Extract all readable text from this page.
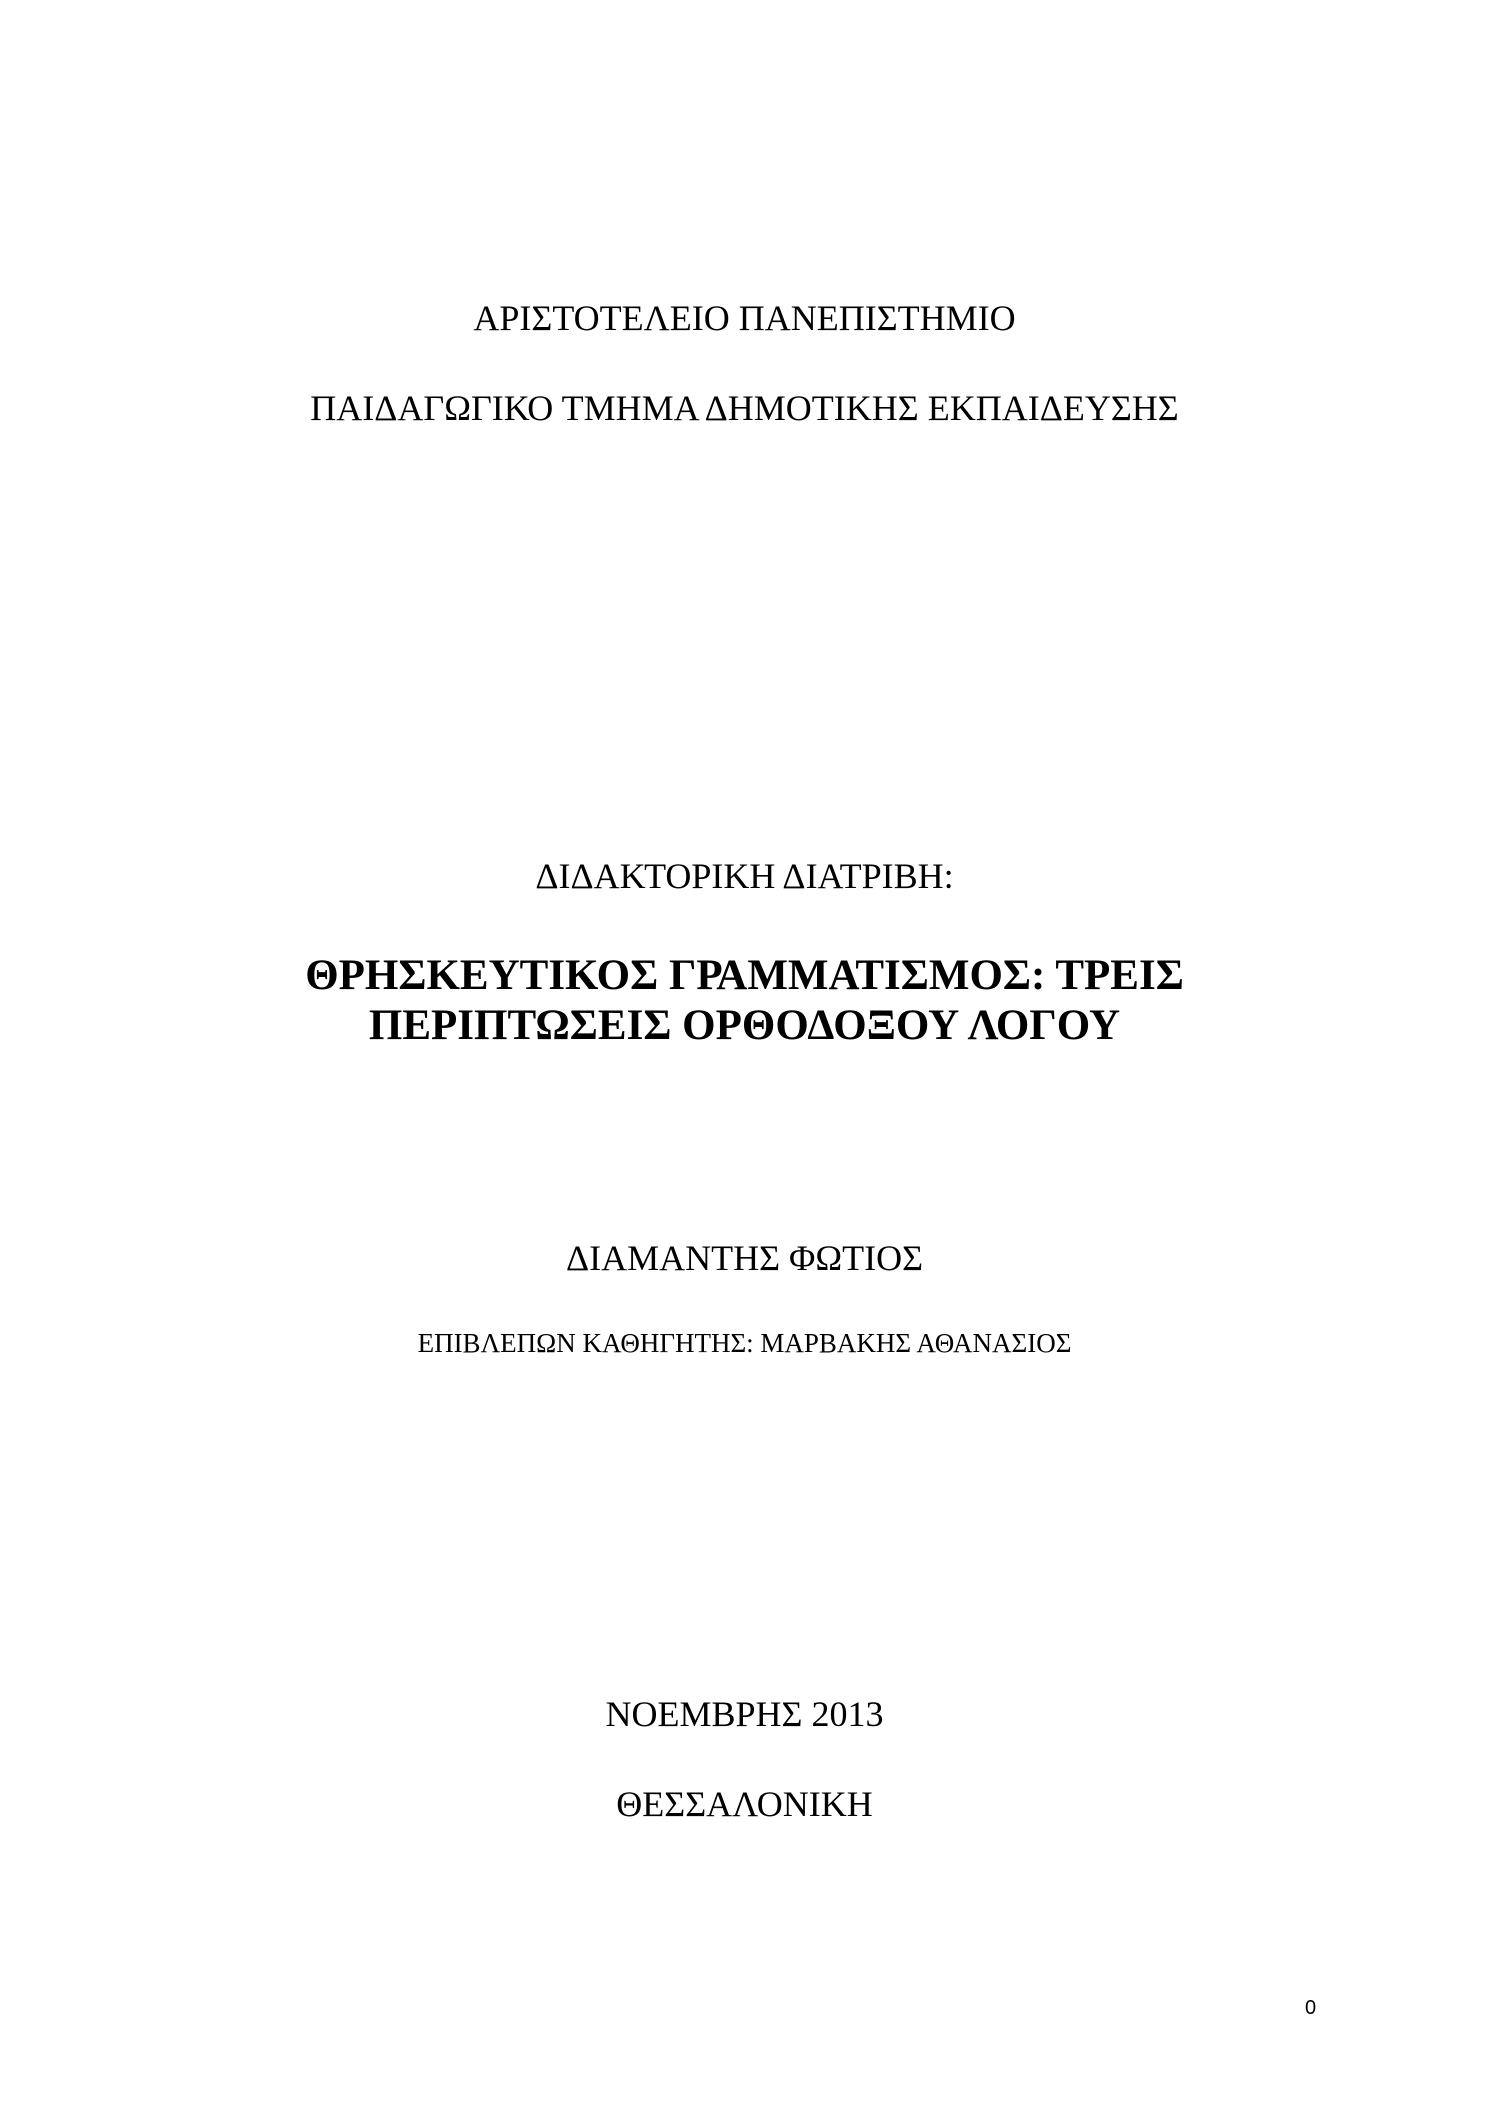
ΑΡΙΣΤΟΤΕΛΕΙΟ ΠΑΝΕΠΙΣΤΗΜΙΟ
ΠΑΙΔΑΓΩΓΙΚΟ ΤΜΗΜΑ ΔΗΜΟΤΙΚΗΣ ΕΚΠΑΙΔΕΥΣΗΣ
ΔΙΔΑΚΤΟΡΙΚΗ ΔΙΑΤΡΙΒΗ:
ΘΡΗΣΚΕΥΤΙΚΟΣ ΓΡΑΜΜΑΤΙΣΜΟΣ: ΤΡΕΙΣ
ΠΕΡΙΠΤΩΣΕΙΣ ΟΡΘΟΔΟΞΟΥ ΛΟΓΟΥ
ΔΙΑΜΑΝΤΗΣ ΦΩΤΙΟΣ
ΕΠΙΒΛΕΠΩΝ ΚΑΘΗΓΗΤΗΣ: ΜΑΡΒΑΚΗΣ ΑΘΑΝΑΣΙΟΣ
ΝΟΕΜΒΡΗΣ 2013
ΘΕΣΣΑΛΟΝΙΚΗ
0
